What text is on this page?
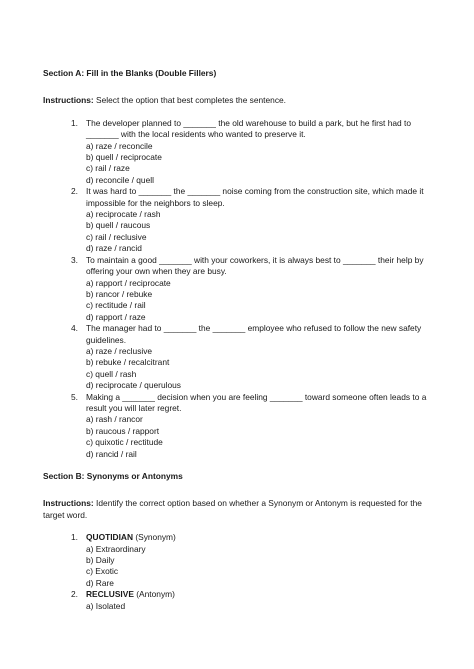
Section A: Fill in the Blanks (Double Fillers)
Instructions: Select the option that best completes the sentence.
1. The developer planned to _______ the old warehouse to build a park, but he first had to _______ with the local residents who wanted to preserve it.

a) raze / reconcile
b) quell / reciprocate
c) rail / raze
d) reconcile / quell
2. It was hard to _______ the _______ noise coming from the construction site, which made it impossible for the neighbors to sleep.

a) reciprocate / rash
b) quell / raucous
c) rail / reclusive
d) raze / rancid
3. To maintain a good _______ with your coworkers, it is always best to _______ their help by offering your own when they are busy.

a) rapport / reciprocate
b) rancor / rebuke
c) rectitude / rail
d) rapport / raze
4. The manager had to _______ the _______ employee who refused to follow the new safety guidelines.

a) raze / reclusive
b) rebuke / recalcitrant
c) quell / rash
d) reciprocate / querulous
5. Making a _______ decision when you are feeling _______ toward someone often leads to a result you will later regret.

a) rash / rancor
b) raucous / rapport
c) quixotic / rectitude
d) rancid / rail
Section B: Synonyms or Antonyms
Instructions: Identify the correct option based on whether a Synonym or Antonym is requested for the target word.
1. QUOTIDIAN (Synonym)

a) Extraordinary
b) Daily
c) Exotic
d) Rare
2. RECLUSIVE (Antonym)

a) Isolated
